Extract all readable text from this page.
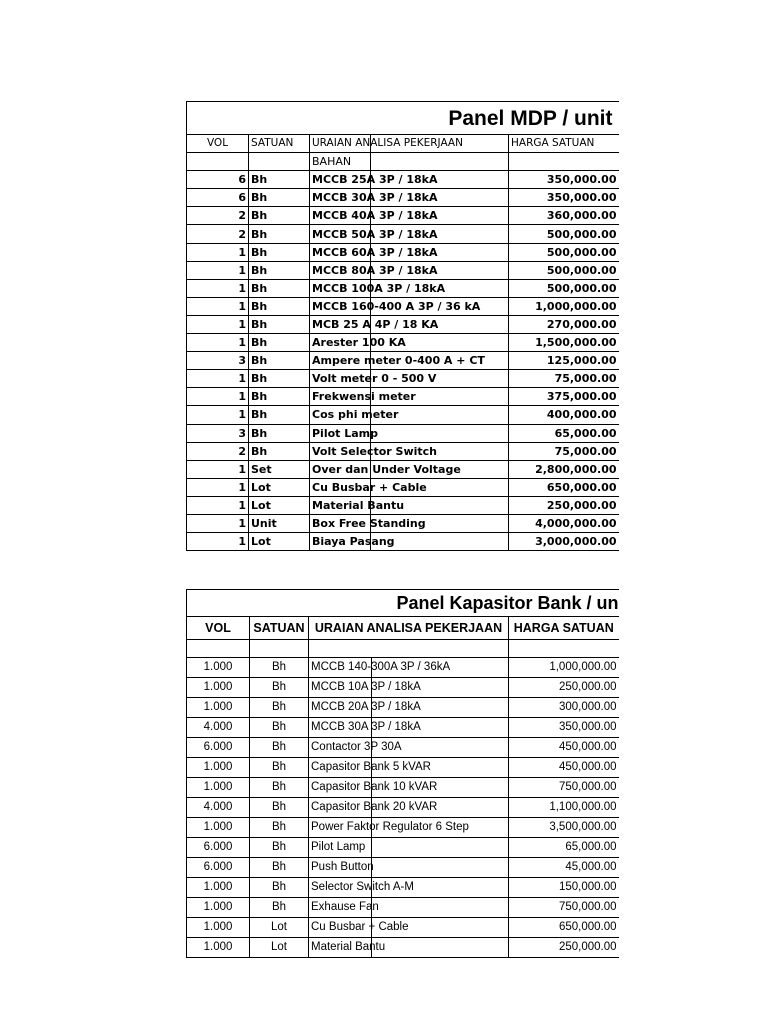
Panel MDP / unit			
VOL	SATUAN	URAIAN ANALISA PEKERJAAN	HARGA SATUAN
		BAHAN	
6	Bh	MCCB 25A 3P / 18kA	350,000.00
6	Bh	MCCB 30A 3P / 18kA	350,000.00
2	Bh	MCCB 40A 3P / 18kA	360,000.00
2	Bh	MCCB 50A 3P / 18kA	500,000.00
1	Bh	MCCB 60A 3P / 18kA	500,000.00
1	Bh	MCCB 80A 3P / 18kA	500,000.00
1	Bh	MCCB 100A 3P / 18kA	500,000.00
1	Bh	MCCB 160-400 A 3P / 36 kA	1,000,000.00
1	Bh	MCB 25 A 4P / 18 KA	270,000.00
1	Bh	Arester 100 KA	1,500,000.00
3	Bh	Ampere meter 0-400 A + CT	125,000.00
1	Bh	Volt meter 0 - 500 V	75,000.00
1	Bh	Frekwensi meter	375,000.00
1	Bh	Cos phi meter	400,000.00
3	Bh	Pilot Lamp	65,000.00
2	Bh	Volt Selector Switch	75,000.00
1	Set	Over dan Under Voltage	2,800,000.00
1	Lot	Cu Busbar + Cable	650,000.00
1	Lot	Material Bantu	250,000.00
1	Unit	Box Free Standing	4,000,000.00
1	Lot	Biaya Pasang	3,000,000.00
Panel Kapasitor Bank / un			
VOL	SATUAN	URAIAN ANALISA PEKERJAAN	HARGA SATUAN

1.000	Bh	MCCB 140-300A 3P / 36kA	1,000,000.00
1.000	Bh	MCCB 10A 3P / 18kA	250,000.00
1.000	Bh	MCCB 20A 3P / 18kA	300,000.00
4.000	Bh	MCCB 30A 3P / 18kA	350,000.00
6.000	Bh	Contactor 3P 30A	450,000.00
1.000	Bh	Capasitor Bank 5 kVAR	450,000.00
1.000	Bh	Capasitor Bank 10 kVAR	750,000.00
4.000	Bh	Capasitor Bank 20 kVAR	1,100,000.00
1.000	Bh	Power Faktor Regulator 6 Step	3,500,000.00
6.000	Bh	Pilot Lamp	65,000.00
6.000	Bh	Push Button	45,000.00
1.000	Bh	Selector Switch A-M	150,000.00
1.000	Bh	Exhause Fan	750,000.00
1.000	Lot	Cu Busbar + Cable	650,000.00
1.000	Lot	Material Bantu	250,000.00
